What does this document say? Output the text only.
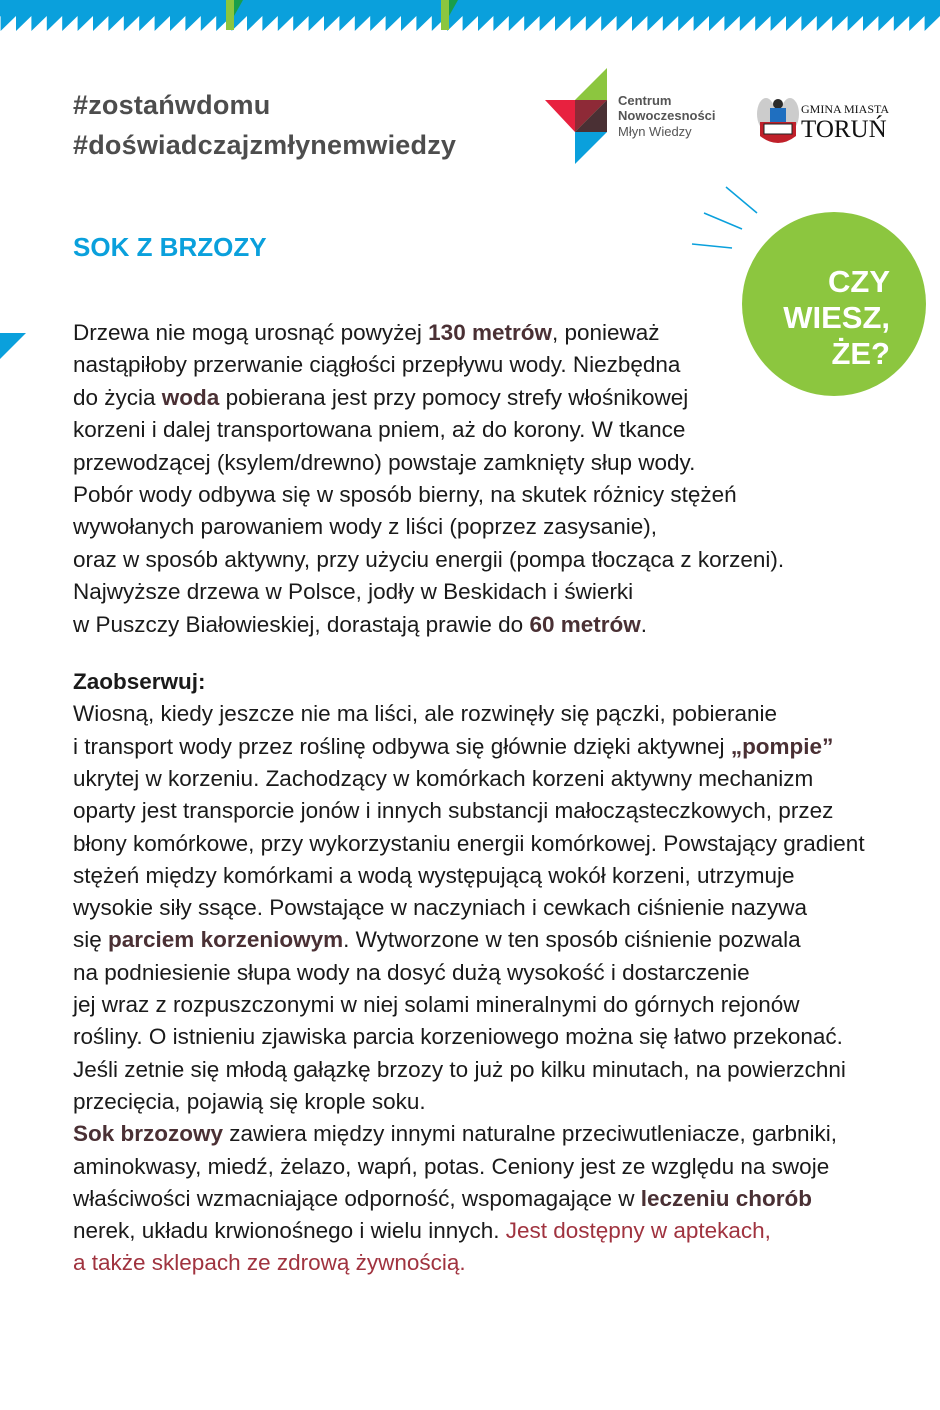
#zostańwdomu
#doświadczajzmłynemwiedzy
Centrum
Nowoczesności
Młyn Wiedzy
GMINA MIASTA
TORUŃ
SOK Z BRZOZY
CZY
WIESZ,
ŻE?
Drzewa nie mogą urosnąć powyżej 130 metrów, ponieważ
nastąpiłoby przerwanie ciągłości przepływu wody. Niezbędna
do życia woda pobierana jest przy pomocy strefy włośnikowej
korzeni i dalej transportowana pniem, aż do korony. W tkance
przewodzącej (ksylem/drewno) powstaje zamknięty słup wody.
Pobór wody odbywa się w sposób bierny, na skutek różnicy stężeń
wywołanych parowaniem wody z liści (poprzez zasysanie),
oraz w sposób aktywny, przy użyciu energii (pompa tłocząca z korzeni).
Najwyższe drzewa w Polsce, jodły w Beskidach i świerki
w Puszczy Białowieskiej, dorastają prawie do 60 metrów.
Zaobserwuj:
Wiosną, kiedy jeszcze nie ma liści, ale rozwinęły się pączki, pobieranie
i transport wody przez roślinę odbywa się głównie dzięki aktywnej „pompie”
ukrytej w korzeniu. Zachodzący w komórkach korzeni aktywny mechanizm
oparty jest transporcie jonów i innych substancji małocząsteczkowych, przez
błony komórkowe, przy wykorzystaniu energii komórkowej. Powstający gradient
stężeń między komórkami a wodą występującą wokół korzeni, utrzymuje
wysokie siły ssące. Powstające w naczyniach i cewkach ciśnienie nazywa
się parciem korzeniowym. Wytworzone w ten sposób ciśnienie pozwala
na podniesienie słupa wody na dosyć dużą wysokość i dostarczenie
jej wraz z rozpuszczonymi w niej solami mineralnymi do górnych rejonów
rośliny. O istnieniu zjawiska parcia korzeniowego można się łatwo przekonać.
Jeśli zetnie się młodą gałązkę brzozy to już po kilku minutach, na powierzchni
przecięcia, pojawią się krople soku.
Sok brzozowy zawiera między innymi naturalne przeciwutleniacze, garbniki,
aminokwasy, miedź, żelazo, wapń, potas. Ceniony jest ze względu na swoje
właściwości wzmacniające odporność, wspomagające w leczeniu chorób
nerek, układu krwionośnego i wielu innych. Jest dostępny w aptekach,
a także sklepach ze zdrową żywnością.
